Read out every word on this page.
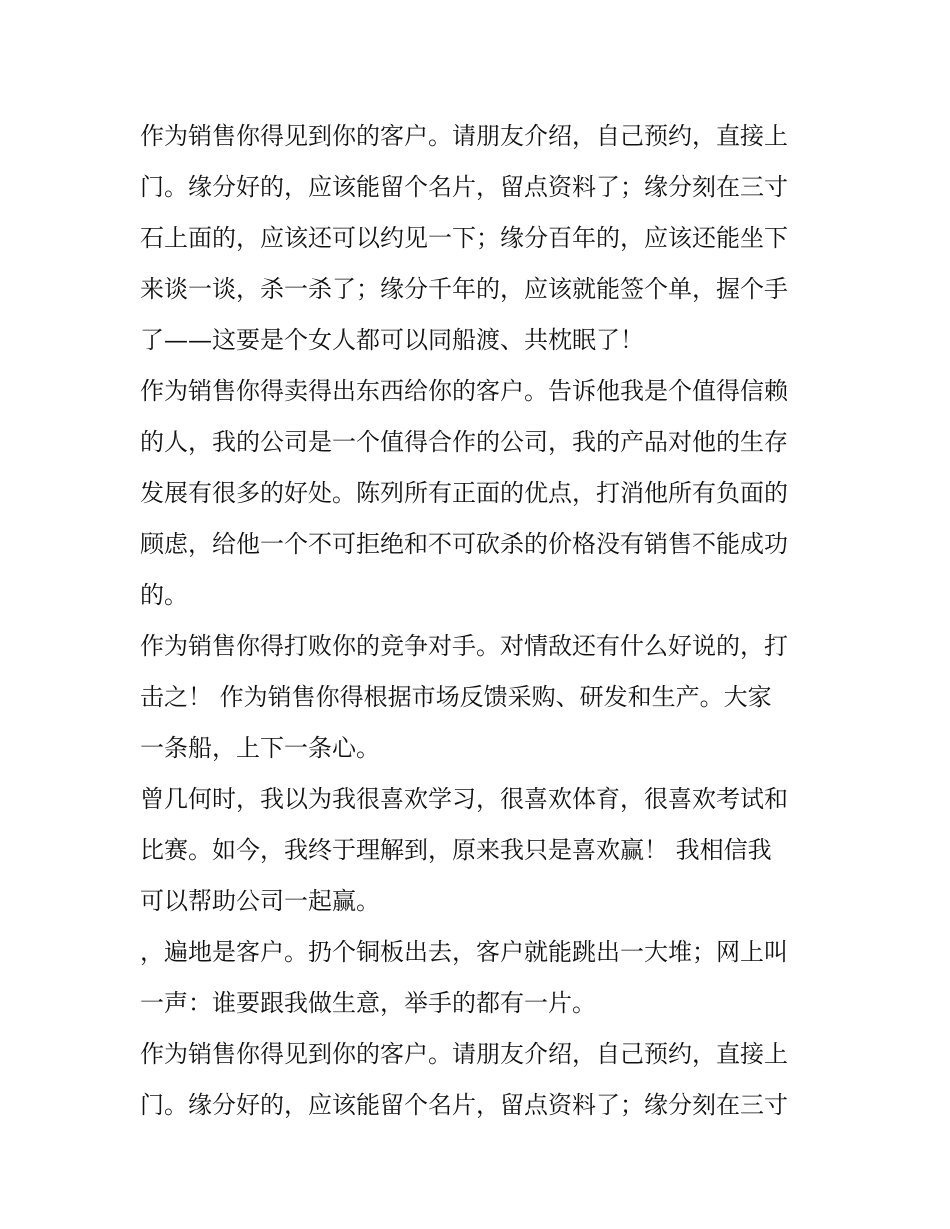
作为销售你得见到你的客户。请朋友介绍，自己预约，直接上
门。缘分好的，应该能留个名片，留点资料了；缘分刻在三寸
石上面的，应该还可以约见一下；缘分百年的，应该还能坐下
来谈一谈，杀一杀了；缘分千年的，应该就能签个单，握个手
了——这要是个女人都可以同船渡、共枕眠了！
作为销售你得卖得出东西给你的客户。告诉他我是个值得信赖
的人，我的公司是一个值得合作的公司，我的产品对他的生存
发展有很多的好处。陈列所有正面的优点，打消他所有负面的
顾虑，给他一个不可拒绝和不可砍杀的价格没有销售不能成功
的。
作为销售你得打败你的竞争对手。对情敌还有什么好说的，打
击之！ 作为销售你得根据市场反馈采购、研发和生产。大家
一条船，上下一条心。
曾几何时，我以为我很喜欢学习，很喜欢体育，很喜欢考试和
比赛。如今，我终于理解到，原来我只是喜欢赢！ 我相信我
可以帮助公司一起赢。
，遍地是客户。扔个铜板出去，客户就能跳出一大堆；网上叫
一声：谁要跟我做生意，举手的都有一片。
作为销售你得见到你的客户。请朋友介绍，自己预约，直接上
门。缘分好的，应该能留个名片，留点资料了；缘分刻在三寸
